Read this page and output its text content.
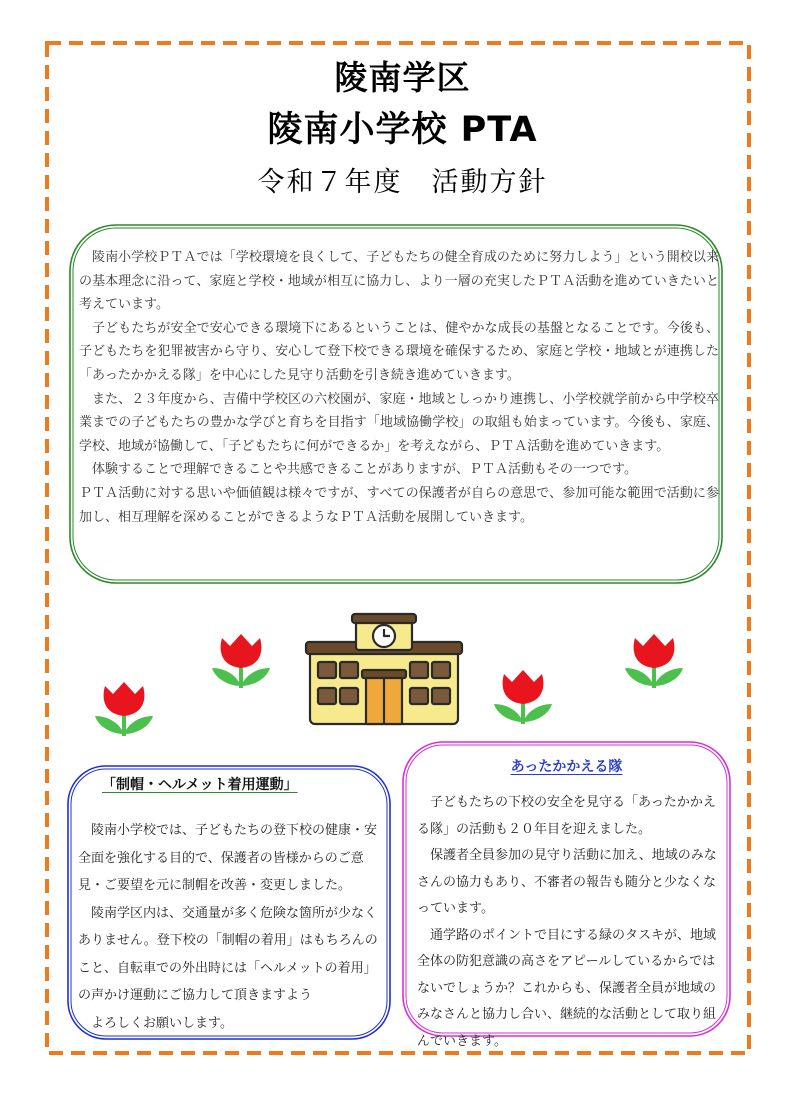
陵南学区
陵南小学校 PTA
令和７年度　活動方針

陵南小学校ＰＴＡでは「学校環境を良くして、子どもたちの健全育成のために努力しよう」という開校以来の基本理念に沿って、家庭と学校・地域が相互に協力し、より一層の充実したＰＴＡ活動を進めていきたいと考えています。

子どもたちが安全で安心できる環境下にあるということは、健やかな成長の基盤となることです。今後も、子どもたちを犯罪被害から守り、安心して登下校できる環境を確保するため、家庭と学校・地域とが連携した「あったかかえる隊」を中心にした見守り活動を引き続き進めていきます。

また、２３年度から、吉備中学校区の六校園が、家庭・地域としっかり連携し、小学校就学前から中学校卒業までの子どもたちの豊かな学びと育ちを目指す「地域協働学校」の取組も始まっています。今後も、家庭、学校、地域が協働して、「子どもたちに何ができるか」を考えながら、ＰＴＡ活動を進めていきます。

体験することで理解できることや共感できることがありますが、ＰＴＡ活動もその一つです。

ＰＴＡ活動に対する思いや価値観は様々ですが、すべての保護者が自らの意思で、参加可能な範囲で活動に参加し、相互理解を深めることができるようなＰＴＡ活動を展開していきます。

「制帽・ヘルメット着用運動」

陵南小学校では、子どもたちの登下校の健康・安全面を強化する目的で、保護者の皆様からのご意見・ご要望を元に制帽を改善・変更しました。

陵南学区内は、交通量が多く危険な箇所が少なくありません。登下校の「制帽の着用」はもちろんのこと、自転車での外出時には「ヘルメットの着用」の声かけ運動にご協力して頂きますよう

よろしくお願いします。

あったかかえる隊

子どもたちの下校の安全を見守る「あったかかえる隊」の活動も２０年目を迎えました。

保護者全員参加の見守り活動に加え、地域のみなさんの協力もあり、不審者の報告も随分と少なくなっています。

通学路のポイントで目にする緑のタスキが、地域全体の防犯意識の高さをアピールしているからではないでしょうか？これからも、保護者全員が地域のみなさんと協力し合い、継続的な活動として取り組んでいきます。
